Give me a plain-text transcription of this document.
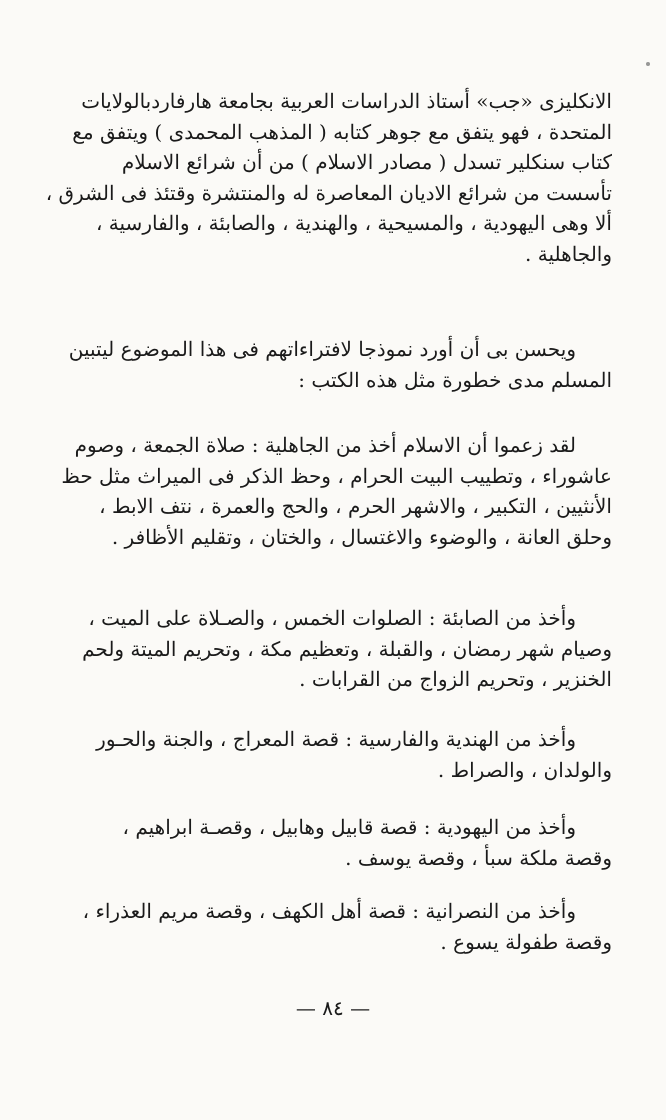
الانكليزى «جب» أستاذ الدراسات العربية بجامعة هارفاردبالولايات
المتحدة ، فهو يتفق مع جوهر كتابه ( المذهب المحمدى ) ويتفق مع
كتاب سنكلير تسدل ( مصادر الاسلام ) من أن شرائع الاسلام
تأسست من شرائع الاديان المعاصرة له والمنتشرة وقتئذ فى الشرق ،
ألا وهى اليهودية ، والمسيحية ، والهندية ، والصابئة ، والفارسية ،
والجاهلية .
ويحسن بى أن أورد نموذجا لافتراءاتهم فى هذا الموضوع ليتبين
المسلم مدى خطورة مثل هذه الكتب :
لقد زعموا أن الاسلام أخذ من الجاهلية : صلاة الجمعة ، وصوم
عاشوراء ، وتطييب البيت الحرام ، وحظ الذكر فى الميراث مثل حظ
الأنثيين ، التكبير ، والاشهر الحرم ، والحج والعمرة ، نتف الابط ،
وحلق العانة ، والوضوء والاغتسال ، والختان ، وتقليم الأظافر .
وأخذ من الصابئة : الصلوات الخمس ، والصـلاة على الميت ،
وصيام شهر رمضان ، والقبلة ، وتعظيم مكة ، وتحريم الميتة ولحم
الخنزير ، وتحريم الزواج من القرابات .
وأخذ من الهندية والفارسية : قصة المعراج ، والجنة والحـور
والولدان ، والصراط .
وأخذ من اليهودية : قصة قابيل وهابيل ، وقصـة ابراهيم ،
وقصة ملكة سبأ ، وقصة يوسف .
وأخذ من النصرانية : قصة أهل الكهف ، وقصة مريم العذراء ،
وقصة طفولة يسوع .
— ٨٤ —
